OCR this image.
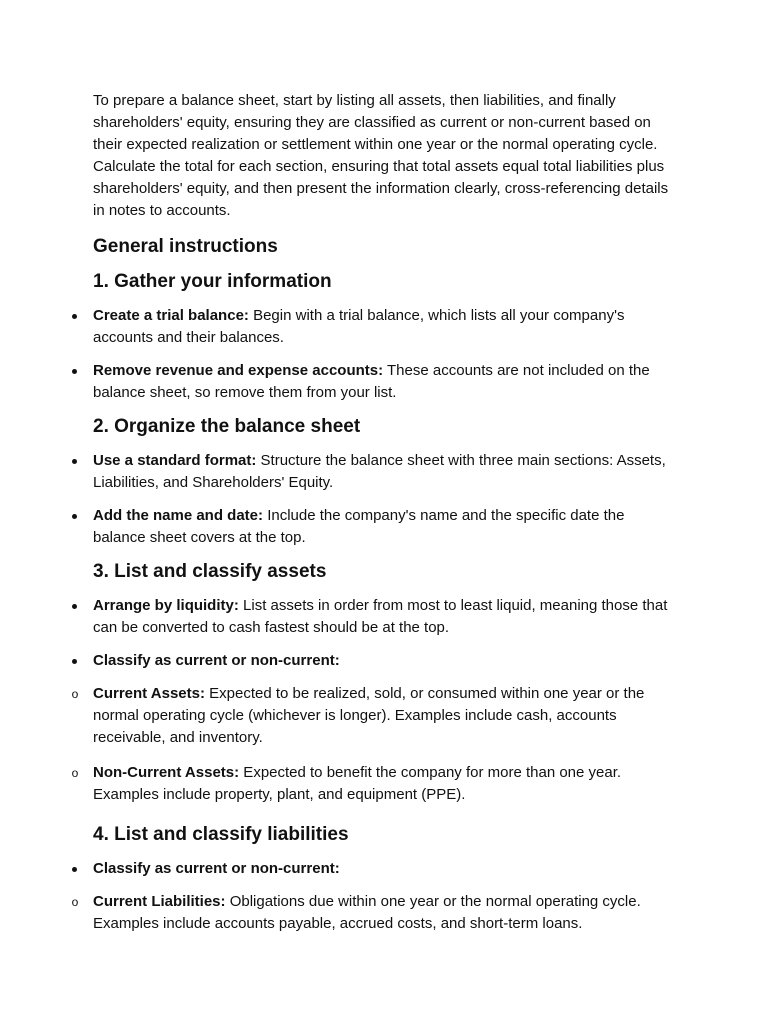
To prepare a balance sheet, start by listing all assets, then liabilities, and finally shareholders' equity, ensuring they are classified as current or non-current based on their expected realization or settlement within one year or the normal operating cycle. Calculate the total for each section, ensuring that total assets equal total liabilities plus shareholders' equity, and then present the information clearly, cross-referencing details in notes to accounts.

General instructions
1. Gather your information
Create a trial balance: Begin with a trial balance, which lists all your company's accounts and their balances.
Remove revenue and expense accounts: These accounts are not included on the balance sheet, so remove them from your list.
2. Organize the balance sheet
Use a standard format: Structure the balance sheet with three main sections: Assets, Liabilities, and Shareholders' Equity.
Add the name and date: Include the company's name and the specific date the balance sheet covers at the top.
3. List and classify assets
Arrange by liquidity: List assets in order from most to least liquid, meaning those that can be converted to cash fastest should be at the top.
Classify as current or non-current:
o Current Assets: Expected to be realized, sold, or consumed within one year or the normal operating cycle (whichever is longer). Examples include cash, accounts receivable, and inventory.
o Non-Current Assets: Expected to benefit the company for more than one year. Examples include property, plant, and equipment (PPE).
4. List and classify liabilities
Classify as current or non-current:
o Current Liabilities: Obligations due within one year or the normal operating cycle. Examples include accounts payable, accrued costs, and short-term loans.
